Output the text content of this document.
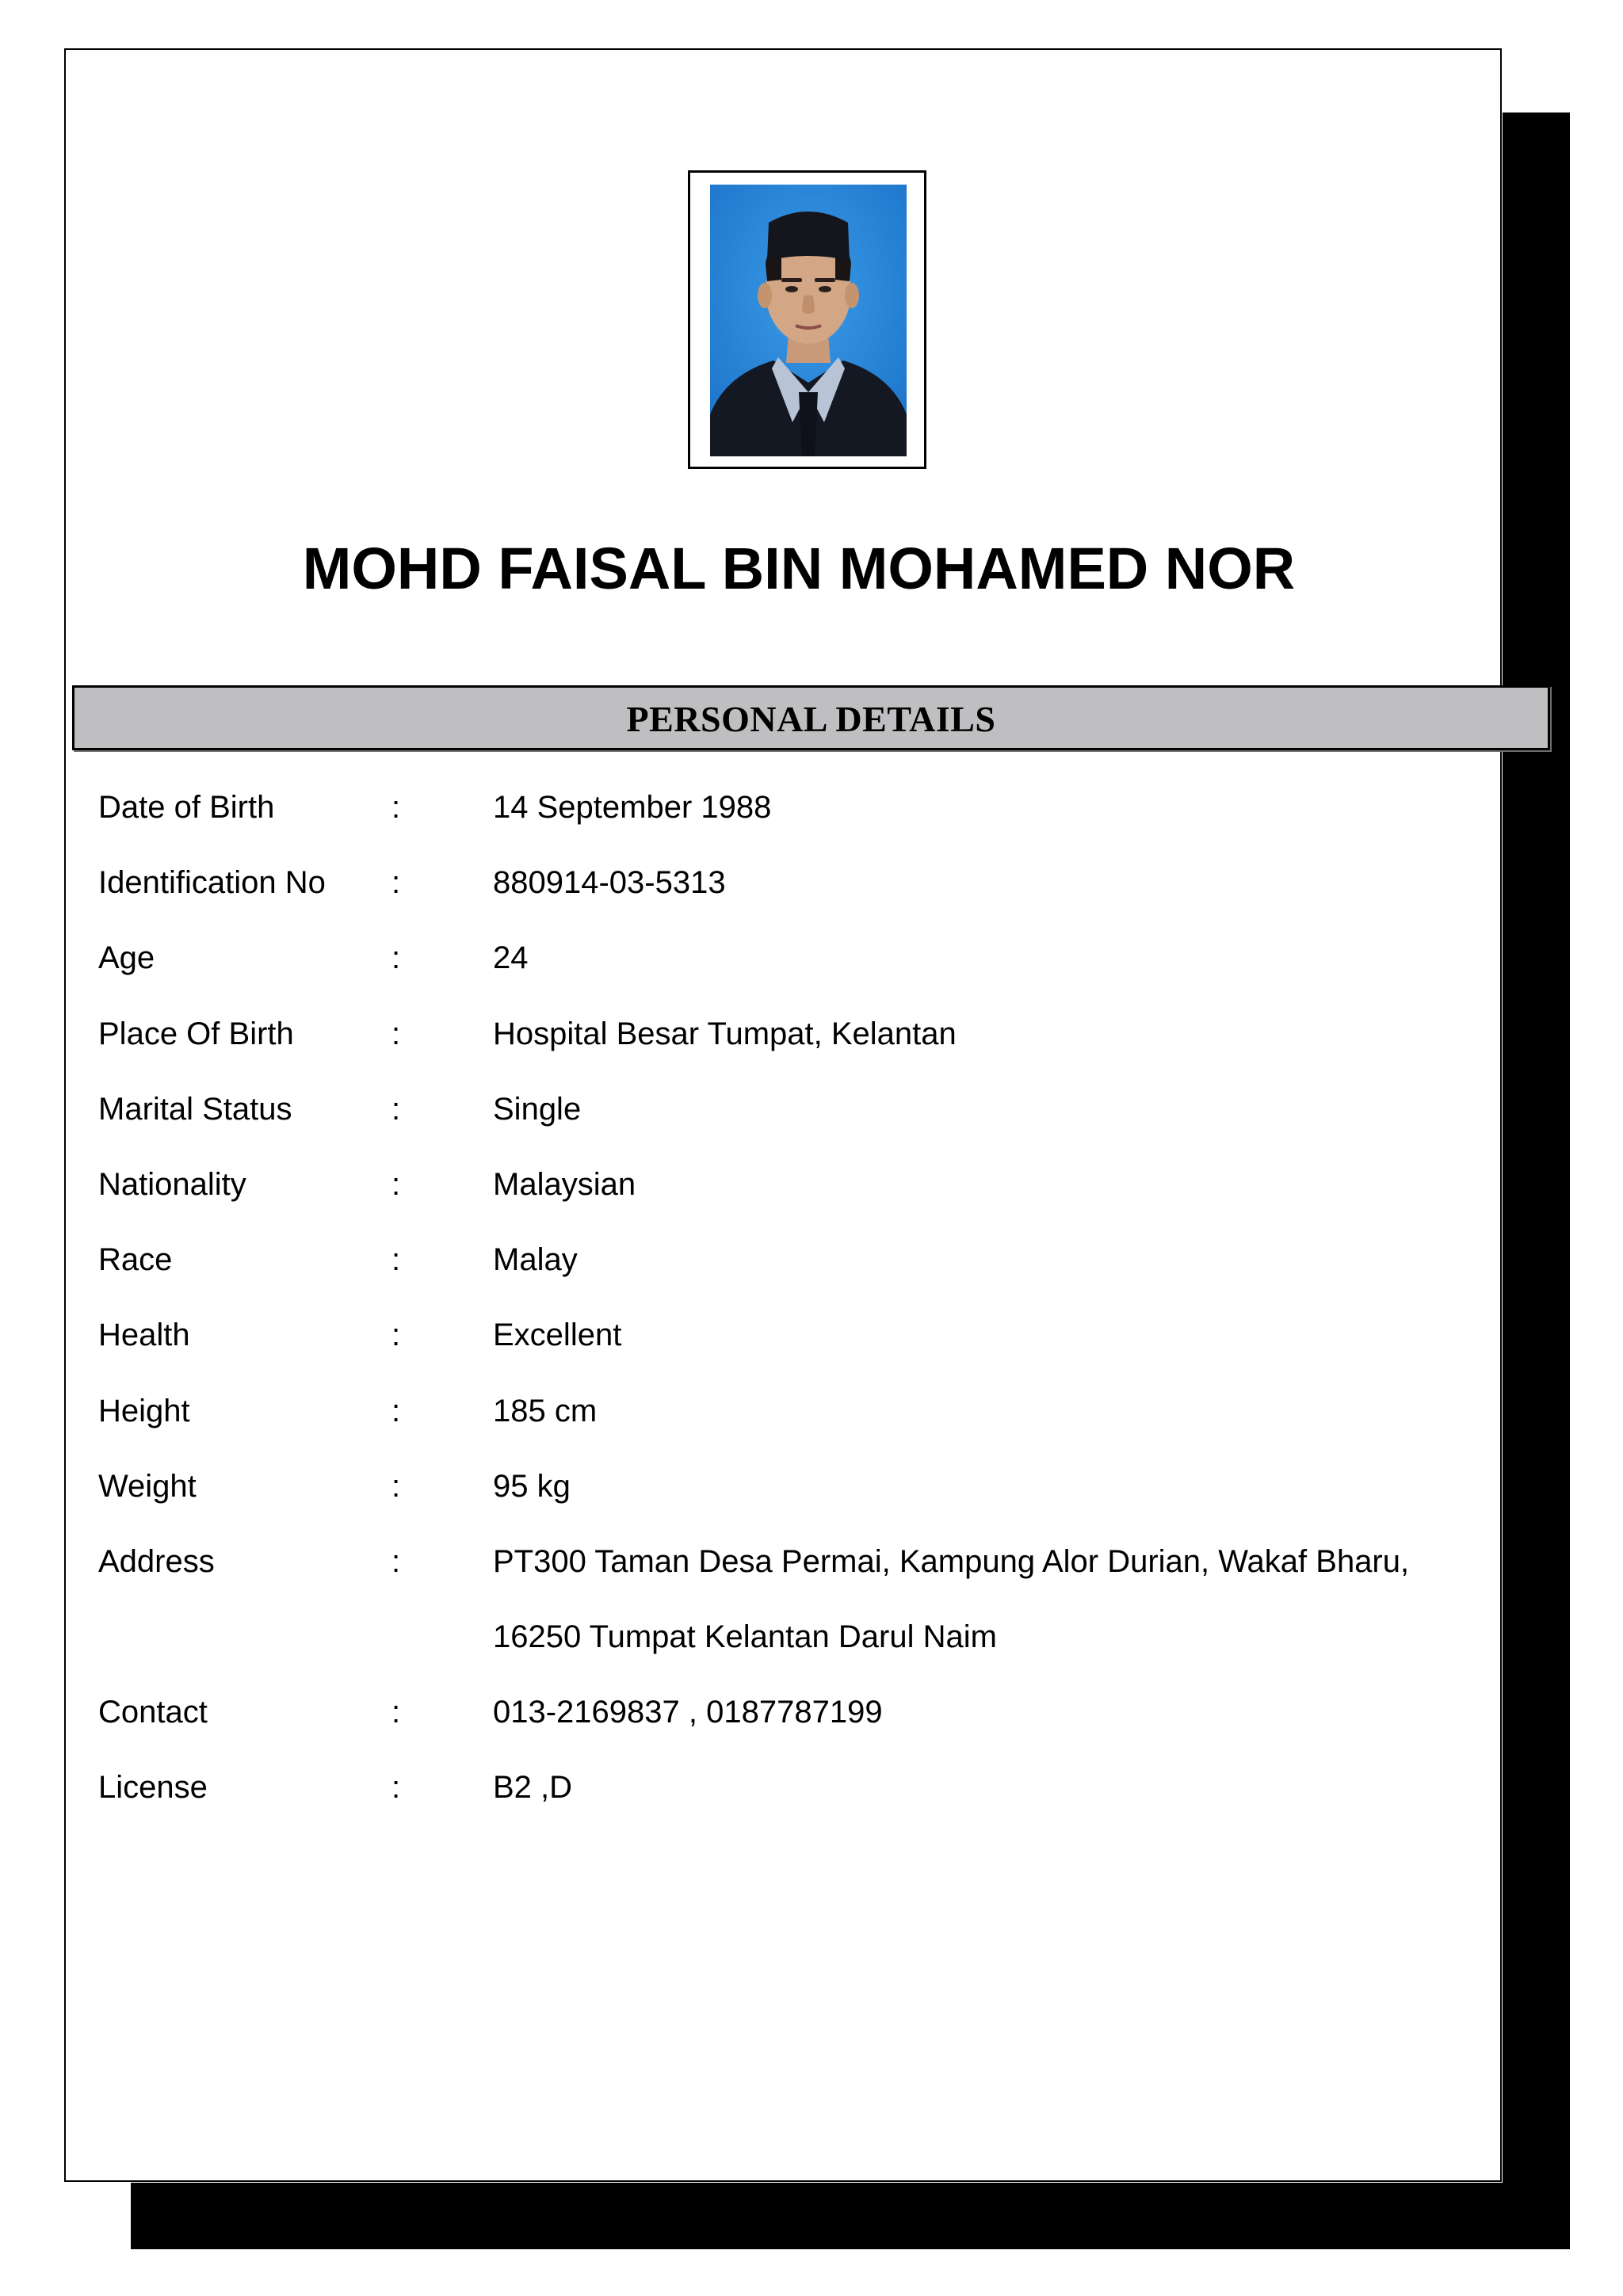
MOHD FAISAL BIN MOHAMED NOR
PERSONAL DETAILS
Date of Birth	:	14 September 1988
Identification No :	880914-03-5313
Age	:	24
Place Of Birth	:	Hospital Besar Tumpat, Kelantan
Marital Status	:	Single
Nationality	:	Malaysian
Race	:	Malay
Health	:	Excellent
Height	:	185 cm
Weight	:	95 kg
Address	:	PT300 Taman Desa Permai, Kampung Alor Durian, Wakaf Bharu,
16250 Tumpat Kelantan Darul Naim
Contact	:	013-2169837 , 0187787199
License	:	B2 ,D
